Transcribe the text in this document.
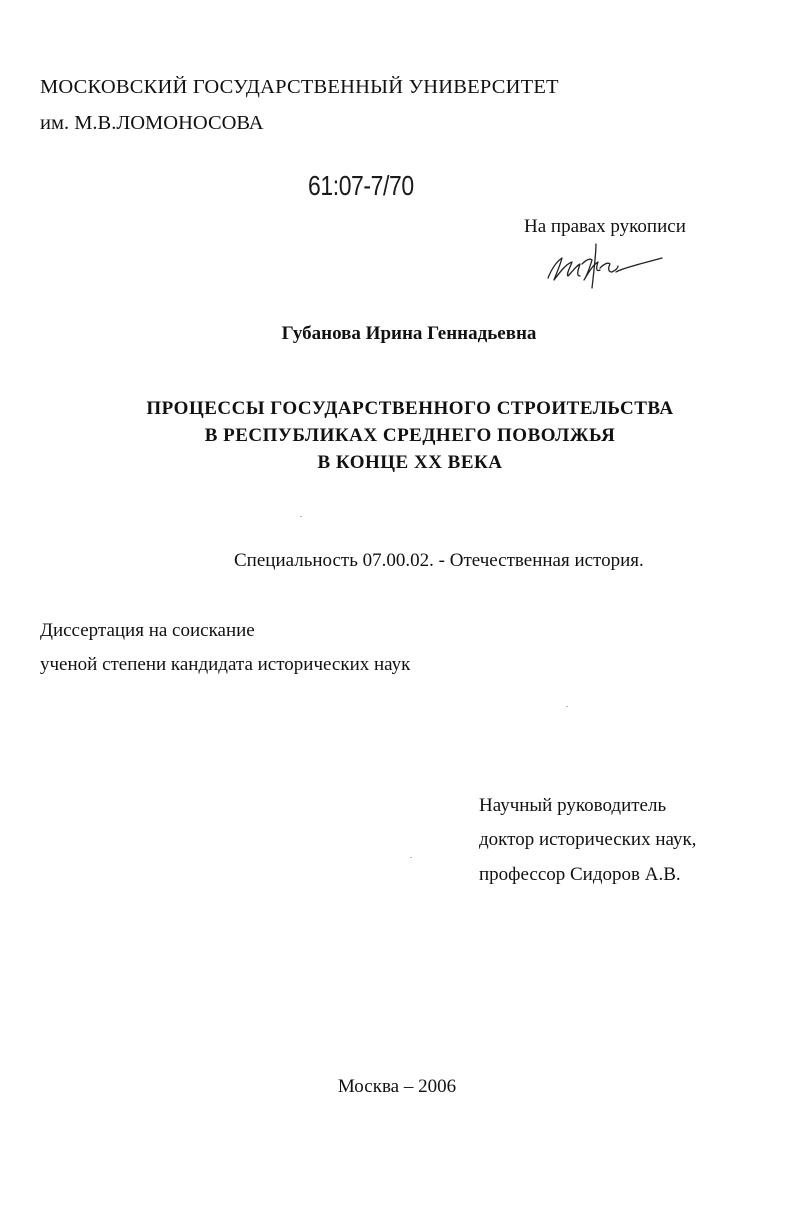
МОСКОВСКИЙ ГОСУДАРСТВЕННЫЙ УНИВЕРСИТЕТ
им. М.В.ЛОМОНОСОВА
61:07-7/70
На правах рукописи
Губанова Ирина Геннадьевна
ПРОЦЕССЫ ГОСУДАРСТВЕННОГО СТРОИТЕЛЬСТВА
В РЕСПУБЛИКАХ СРЕДНЕГО ПОВОЛЖЬЯ
В КОНЦЕ XX ВЕКА
Специальность 07.00.02. - Отечественная история.
Диссертация на соискание
ученой степени кандидата исторических наук
Научный руководитель
доктор исторических наук,
профессор Сидоров А.В.
Москва – 2006
